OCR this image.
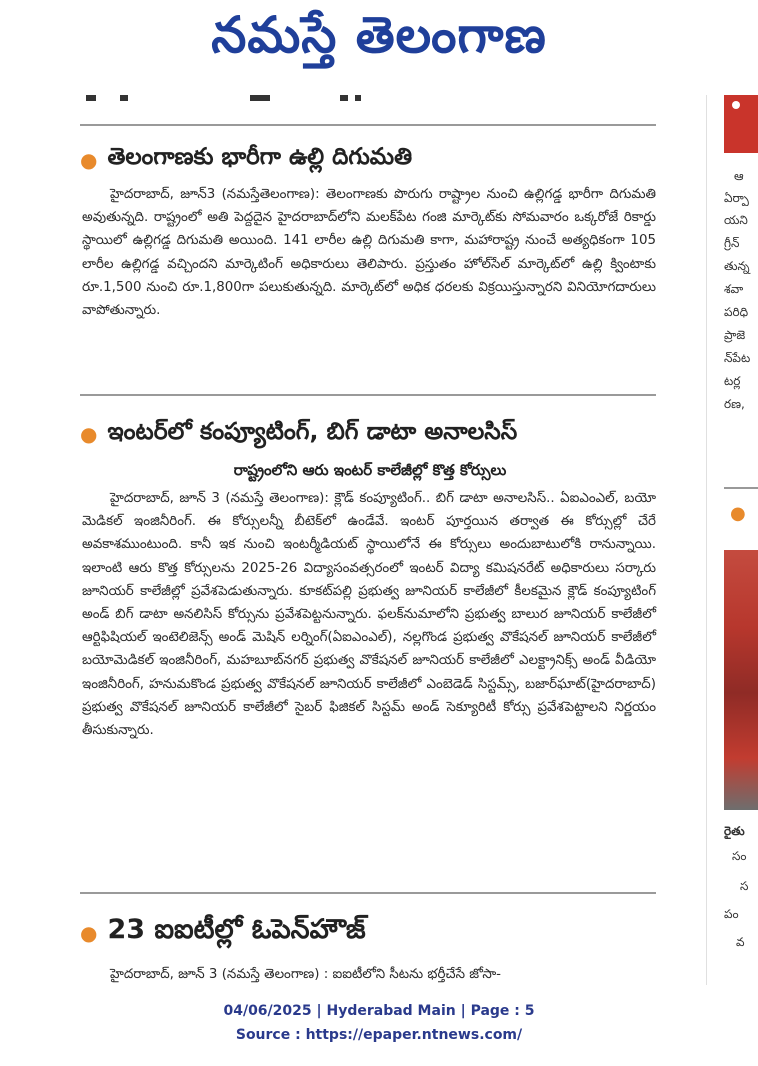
నమస్తే తెలంగాణ
● తెలంగాణకు భారీగా ఉల్లి దిగుమతి
హైదరాబాద్, జూన్3 (నమస్తేతెలంగాణ): తెలంగాణకు పొరుగు రాష్ట్రాల నుంచి ఉల్లిగడ్డ భారీగా దిగుమతి అవుతున్నది. రాష్ట్రంలో అతి పెద్దదైన హైదరాబాద్‌లోని మలక్‌పేట గంజి మార్కెట్‌కు సోమవారం ఒక్కరోజే రికార్డు స్థాయిలో ఉల్లిగడ్డ దిగుమతి అయింది. 141 లారీల ఉల్లి దిగుమతి కాగా, మహారాష్ట్ర నుంచే అత్యధికంగా 105 లారీల ఉల్లిగడ్డ వచ్చిందని మార్కెటింగ్ అధికారులు తెలిపారు. ప్రస్తుతం హోల్‌సేల్ మార్కెట్‌లో ఉల్లి క్వింటాకు రూ.1,500 నుంచి రూ.1,800గా పలుకుతున్నది. మార్కెట్‌లో అధిక ధరలకు విక్రయిస్తున్నారని వినియోగదారులు వాపోతున్నారు.
● ఇంటర్‌లో కంప్యూటింగ్, బిగ్ డాటా అనాలసిస్
రాష్ట్రంలోని ఆరు ఇంటర్ కాలేజీల్లో కొత్త కోర్సులు
హైదరాబాద్, జూన్ 3 (నమస్తే తెలంగాణ): క్లౌడ్ కంప్యూటింగ్.. బిగ్ డాటా అనాలసిస్.. ఏఐఎంఎల్, బయో మెడికల్ ఇంజినీరింగ్. ఈ కోర్సులన్నీ బీటెక్‌లో ఉండేవే. ఇంటర్ పూర్తయిన తర్వాత ఈ కోర్సుల్లో చేరే అవకాశముంటుంది. కానీ ఇక నుంచి ఇంటర్మీడియట్ స్థాయిలోనే ఈ కోర్సులు అందుబాటులోకి రానున్నాయి. ఇలాంటి ఆరు కొత్త కోర్సులను 2025-26 విద్యాసంవత్సరంలో ఇంటర్ విద్యా కమిషనరేట్ అధికారులు సర్కారు జూనియర్ కాలేజీల్లో ప్రవేశపెడుతున్నారు. కూకట్‌పల్లి ప్రభుత్వ జూనియర్ కాలేజీలో కీలకమైన క్లౌడ్ కంప్యూటింగ్ అండ్ బిగ్ డాటా అనలిసిస్ కోర్సును ప్రవేశపెట్టనున్నారు. ఫలక్‌నుమాలోని ప్రభుత్వ బాలుర జూనియర్ కాలేజీలో ఆర్టిఫిషియల్ ఇంటెలిజెన్స్ అండ్ మెషిన్ లర్నింగ్(ఏఐఎంఎల్), నల్లగొండ ప్రభుత్వ వొకేషనల్ జూనియర్ కాలేజీలో బయోమెడికల్ ఇంజినీరింగ్, మహబూబ్‌నగర్ ప్రభుత్వ వొకేషనల్ జూనియర్ కాలేజీలో ఎలక్ట్రానిక్స్ అండ్ వీడియో ఇంజినీరింగ్, హనుమకొండ ప్రభుత్వ వొకేషనల్ జూనియర్ కాలేజీలో ఎంబెడెడ్ సిస్టమ్స్, బజార్‌ఘాట్(హైదరాబాద్) ప్రభుత్వ వొకేషనల్ జూనియర్ కాలేజీలో సైబర్ ఫిజికల్ సిస్టమ్ అండ్ సెక్యూరిటీ కోర్సు ప్రవేశపెట్టాలని నిర్ణయం తీసుకున్నారు.
● 23 ఐఐటీల్లో ఓపెన్‌హౌజ్
హైదరాబాద్, జూన్ 3 (నమస్తే తెలంగాణ) : ఐఐటీలోని సీటను భర్తీచేసే జోసా-
ఆ
ఏర్పా
యని
గ్రీన్‌
తున్న
శవా
పరిధి
ప్రాజె
న్‌పేట
టర్ల
రణ,
●
రైతు
సం
స
పం
వ
04/06/2025 | Hyderabad Main | Page : 5
Source : https://epaper.ntnews.com/
